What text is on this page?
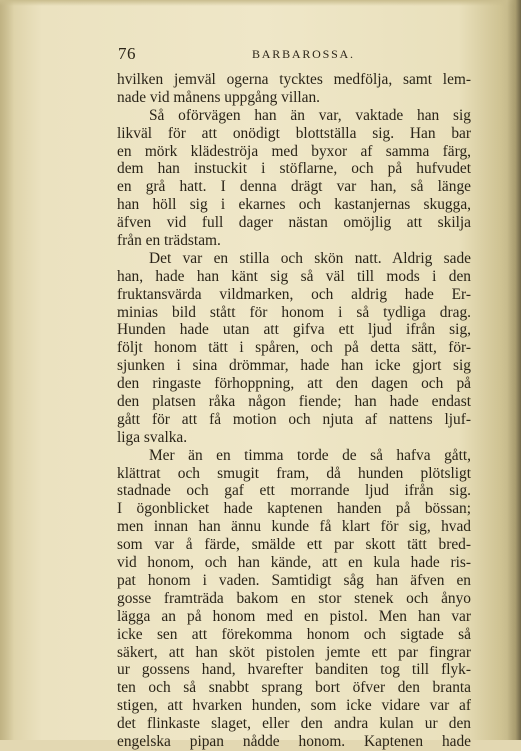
76	BARBAROSSA.
hvilken jemväl ogerna tycktes medfölja, samt lem-
nade vid månens uppgång villan.
Så oförvägen han än var, vaktade han sig
likväl för att onödigt blottställa sig. Han bar
en mörk klädeströja med byxor af samma färg,
dem han instuckit i stöflarne, och på hufvudet
en grå hatt. I denna drägt var han, så länge
han höll sig i ekarnes och kastanjernas skugga,
äfven vid full dager nästan omöjlig att skilja
från en trädstam.
Det var en stilla och skön natt. Aldrig sade
han, hade han känt sig så väl till mods i den
fruktansvärda vildmarken, och aldrig hade Er-
minias bild stått för honom i så tydliga drag.
Hunden hade utan att gifva ett ljud ifrån sig,
följt honom tätt i spåren, och på detta sätt, för-
sjunken i sina drömmar, hade han icke gjort sig
den ringaste förhoppning, att den dagen och på
den platsen råka någon fiende; han hade endast
gått för att få motion och njuta af nattens ljuf-
liga svalka.
Mer än en timma torde de så hafva gått,
klättrat och smugit fram, då hunden plötsligt
stadnade och gaf ett morrande ljud ifrån sig.
I ögonblicket hade kaptenen handen på bössan;
men innan han ännu kunde få klart för sig, hvad
som var å färde, smälde ett par skott tätt bred-
vid honom, och han kände, att en kula hade ris-
pat honom i vaden. Samtidigt såg han äfven en
gosse framträda bakom en stor stenek och ånyo
lägga an på honom med en pistol. Men han var
icke sen att förekomma honom och sigtade så
säkert, att han sköt pistolen jemte ett par fingrar
ur gossens hand, hvarefter banditen tog till flyk-
ten och så snabbt sprang bort öfver den branta
stigen, att hvarken hunden, som icke vidare var af
det flinkaste slaget, eller den andra kulan ur den
engelska pipan nådde honom. Kaptenen hade
